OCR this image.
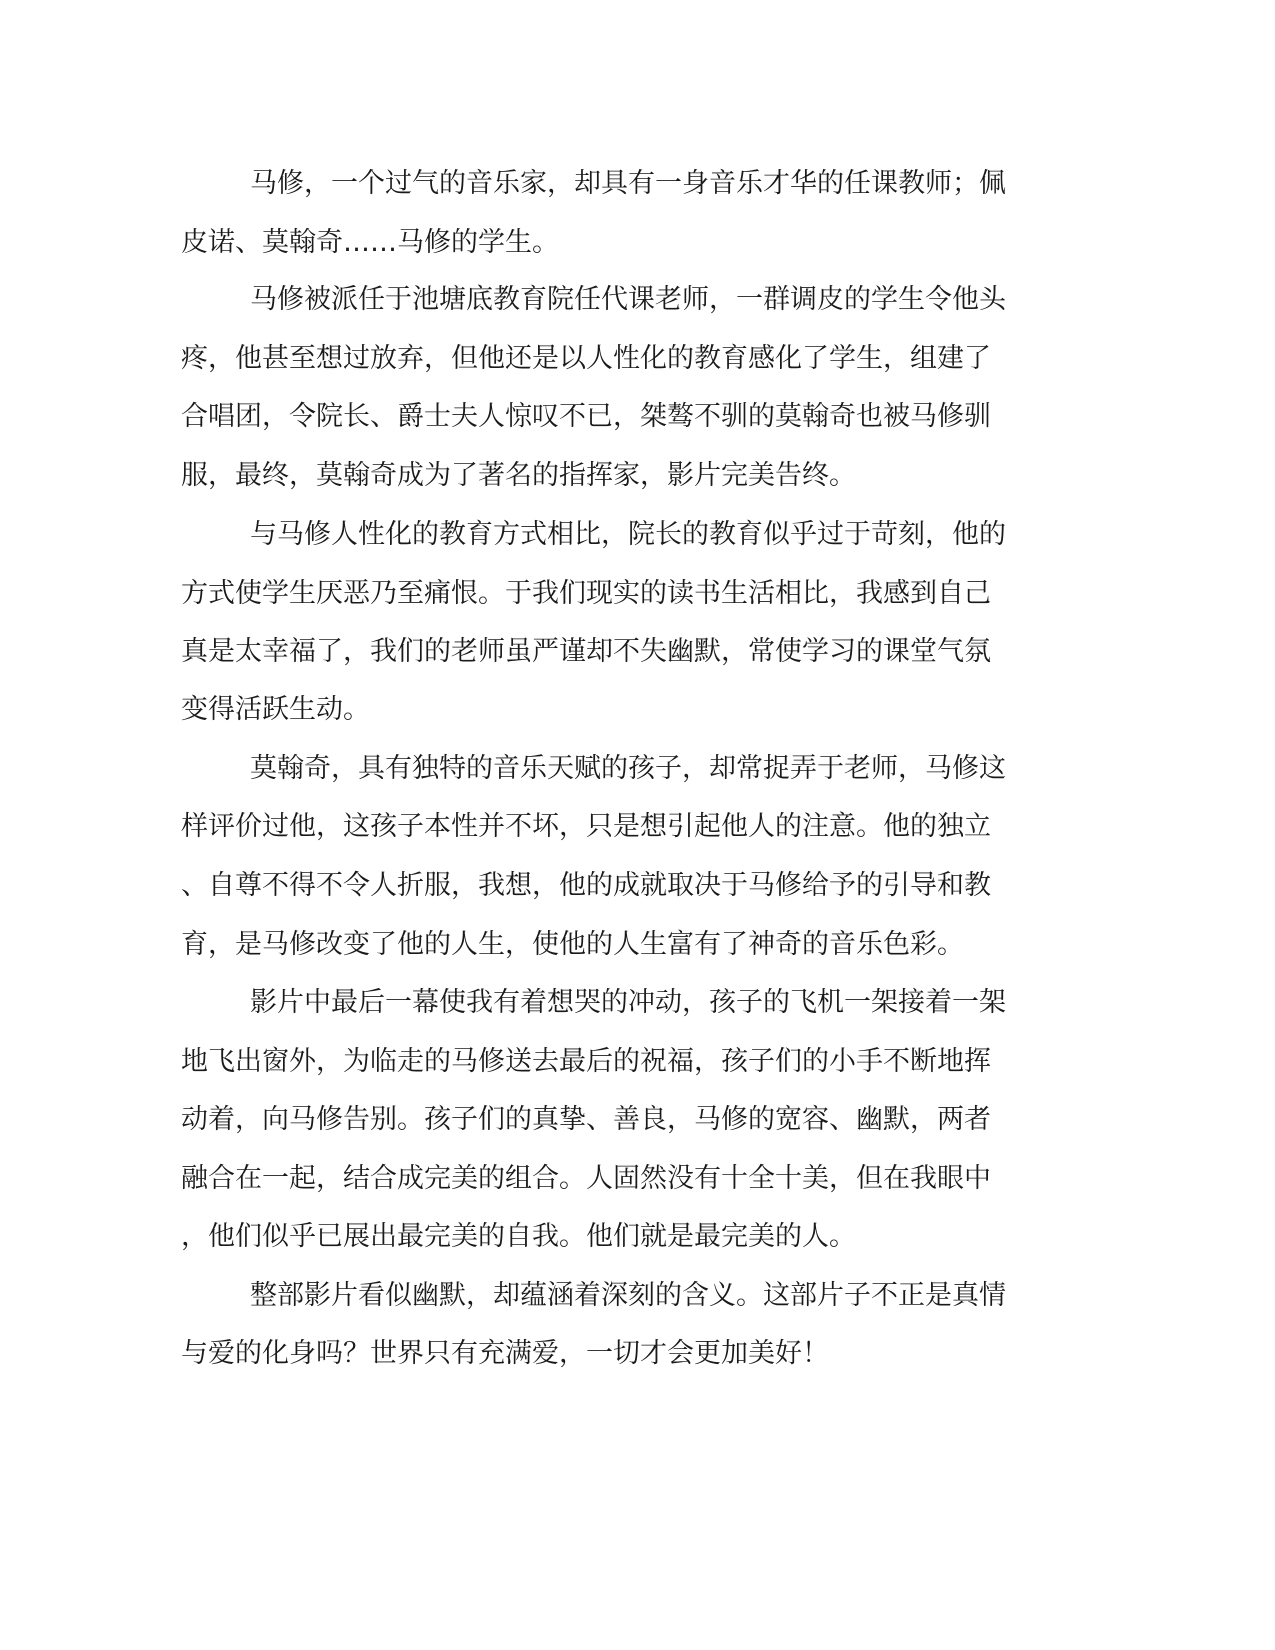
马修，一个过气的音乐家，却具有一身音乐才华的任课教师；佩
皮诺、莫翰奇……马修的学生。
马修被派任于池塘底教育院任代课老师，一群调皮的学生令他头
疼，他甚至想过放弃，但他还是以人性化的教育感化了学生，组建了
合唱团，令院长、爵士夫人惊叹不已，桀骜不驯的莫翰奇也被马修驯
服，最终，莫翰奇成为了著名的指挥家，影片完美告终。
与马修人性化的教育方式相比，院长的教育似乎过于苛刻，他的
方式使学生厌恶乃至痛恨。于我们现实的读书生活相比，我感到自己
真是太幸福了，我们的老师虽严谨却不失幽默，常使学习的课堂气氛
变得活跃生动。
莫翰奇，具有独特的音乐天赋的孩子，却常捉弄于老师，马修这
样评价过他，这孩子本性并不坏，只是想引起他人的注意。他的独立
、自尊不得不令人折服，我想，他的成就取决于马修给予的引导和教
育，是马修改变了他的人生，使他的人生富有了神奇的音乐色彩。
影片中最后一幕使我有着想哭的冲动，孩子的飞机一架接着一架
地飞出窗外，为临走的马修送去最后的祝福，孩子们的小手不断地挥
动着，向马修告别。孩子们的真挚、善良，马修的宽容、幽默，两者
融合在一起，结合成完美的组合。人固然没有十全十美，但在我眼中
，他们似乎已展出最完美的自我。他们就是最完美的人。
整部影片看似幽默，却蕴涵着深刻的含义。这部片子不正是真情
与爱的化身吗？世界只有充满爱，一切才会更加美好！
